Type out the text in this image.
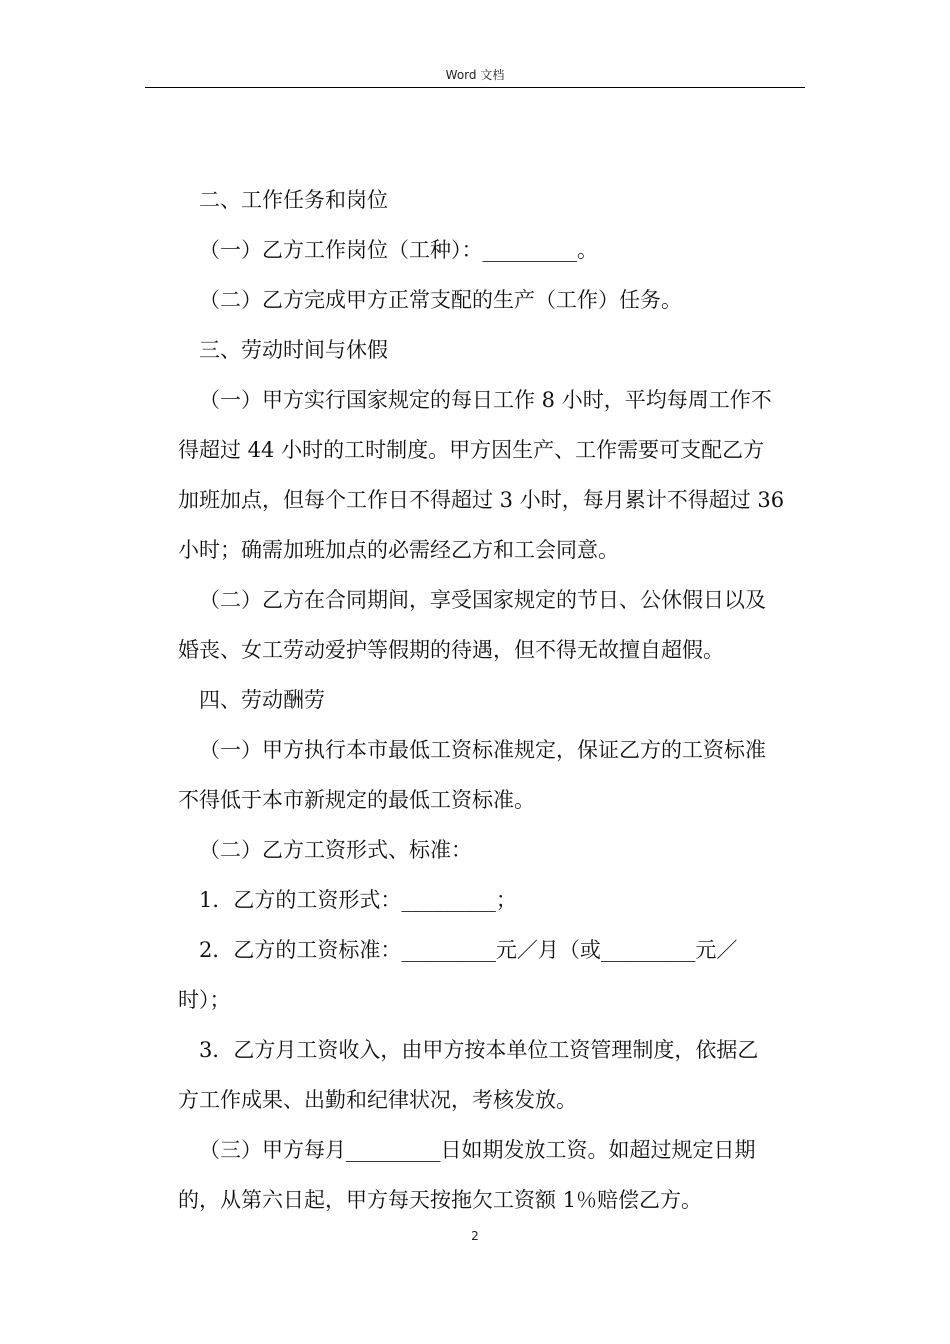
Word 文档
二、工作任务和岗位
（一）乙方工作岗位（工种）：_________。
（二）乙方完成甲方正常支配的生产（工作）任务。
三、劳动时间与休假
（一）甲方实行国家规定的每日工作 8 小时，平均每周工作不
得超过 44 小时的工时制度。甲方因生产、工作需要可支配乙方
加班加点，但每个工作日不得超过 3 小时，每月累计不得超过 36
小时；确需加班加点的必需经乙方和工会同意。
（二）乙方在合同期间，享受国家规定的节日、公休假日以及
婚丧、女工劳动爱护等假期的待遇，但不得无故擅自超假。
四、劳动酬劳
（一）甲方执行本市最低工资标准规定，保证乙方的工资标准
不得低于本市新规定的最低工资标准。
（二）乙方工资形式、标准：
1．乙方的工资形式：_________；
2．乙方的工资标准：_________元／月（或_________元／
时）；
3．乙方月工资收入，由甲方按本单位工资管理制度，依据乙
方工作成果、出勤和纪律状况，考核发放。
（三）甲方每月_________日如期发放工资。如超过规定日期
的，从第六日起，甲方每天按拖欠工资额 1％赔偿乙方。
2
